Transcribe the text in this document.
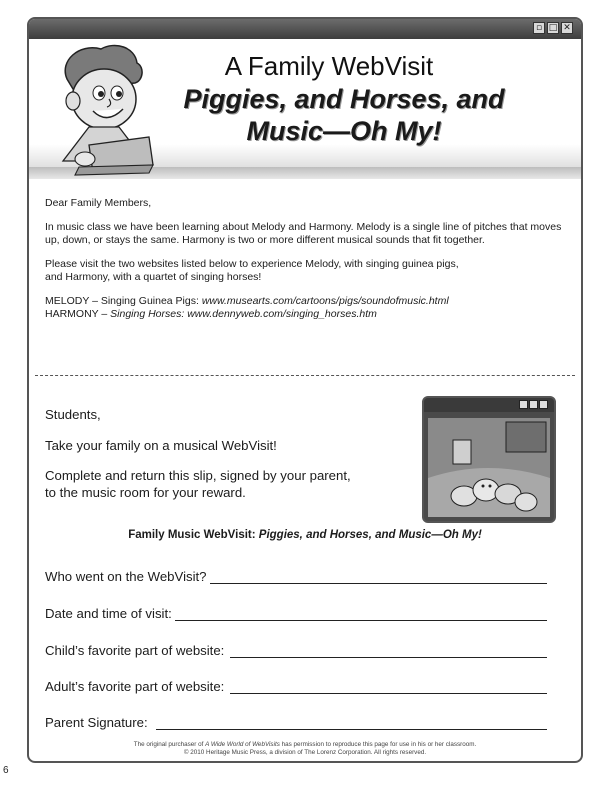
▫ □ ✕
A Family WebVisit
Piggies, and Horses, and
Music—Oh My!

Dear Family Members,

In music class we have been learning about Melody and Harmony. Melody is a single line of pitches that moves up, down, or stays the same. Harmony is two or more different musical sounds that fit together.

Please visit the two websites listed below to experience Melody, with singing guinea pigs,
and Harmony, with a quartet of singing horses!

MELODY – Singing Guinea Pigs: www.musearts.com/cartoons/pigs/soundofmusic.html

HARMONY – Singing Horses: www.dennyweb.com/singing_horses.htm

Students,

Take your family on a musical WebVisit!

Complete and return this slip, signed by your parent, to the music room for your reward.

Family Music WebVisit: Piggies, and Horses, and Music—Oh My!
Who went on the WebVisit?
Date and time of visit:
Child’s favorite part of website:
Adult’s favorite part of website:
Parent Signature:
The original purchaser of A Wide World of WebVisits has permission to reproduce this page for use in his or her classroom.
© 2010 Heritage Music Press, a division of The Lorenz Corporation. All rights reserved.
6
